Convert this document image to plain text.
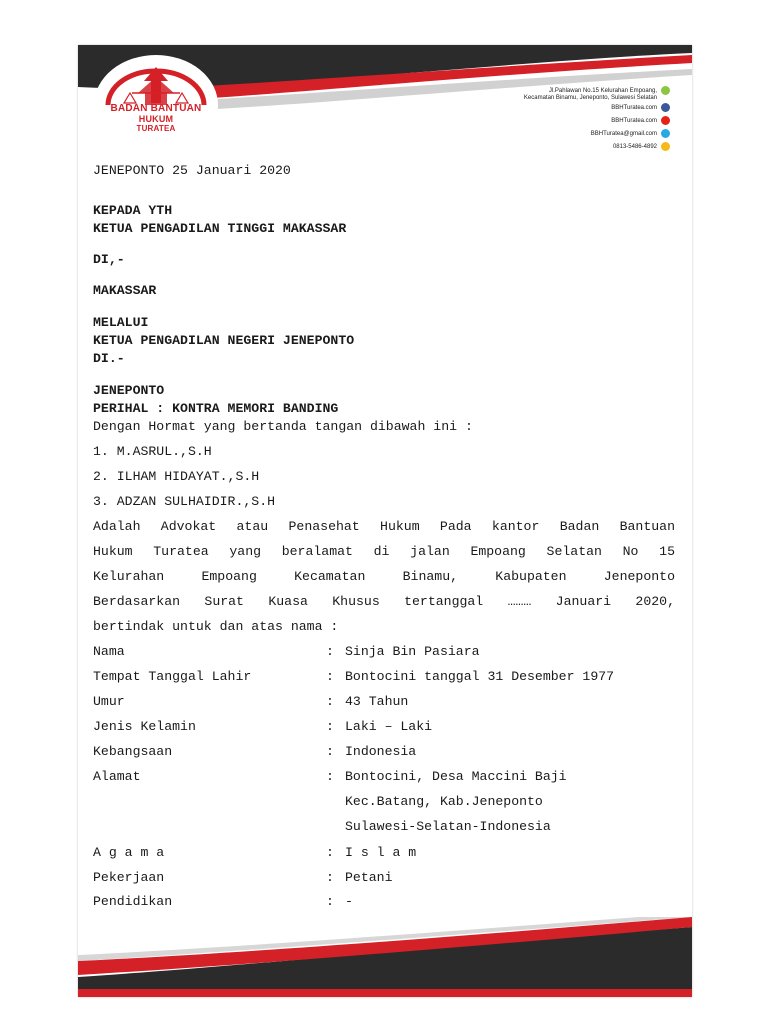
BADAN BANTUAN
HUKUM
TURATEA
Jl.Pahlawan No.15 Kelurahan Empoang,
Kecamatan Binamu, Jeneponto, Sulawesi Selatan
BBHTuratea.com
BBHTuratea.com
BBHTuratea@gmail.com
0813-5486-4892
JENEPONTO 25 Januari 2020
KEPADA YTH
KETUA PENGADILAN TINGGI MAKASSAR
DI,-
MAKASSAR
MELALUI
KETUA PENGADILAN NEGERI JENEPONTO
DI.-
JENEPONTO
PERIHAL : KONTRA MEMORI BANDING
Dengan Hormat yang bertanda tangan dibawah ini :
1. M.ASRUL.,S.H
2. ILHAM HIDAYAT.,S.H
3. ADZAN SULHAIDIR.,S.H
Adalah Advokat atau Penasehat Hukum Pada kantor Badan Bantuan
Hukum Turatea yang beralamat di jalan Empoang Selatan No 15
Kelurahan Empoang Kecamatan Binamu, Kabupaten Jeneponto
Berdasarkan Surat Kuasa Khusus tertanggal ……… Januari 2020,
bertindak untuk dan atas nama :
Nama	: Sinja Bin Pasiara
Tempat Tanggal Lahir	: Bontocini tanggal 31 Desember 1977
Umur	: 43 Tahun
Jenis Kelamin	: Laki – Laki
Kebangsaan	: Indonesia
Alamat	: Bontocini, Desa Maccini Baji
Kec.Batang, Kab.Jeneponto
Sulawesi-Selatan-Indonesia
A g a m a	: I s l a m
Pekerjaan	: Petani
Pendidikan	: -
